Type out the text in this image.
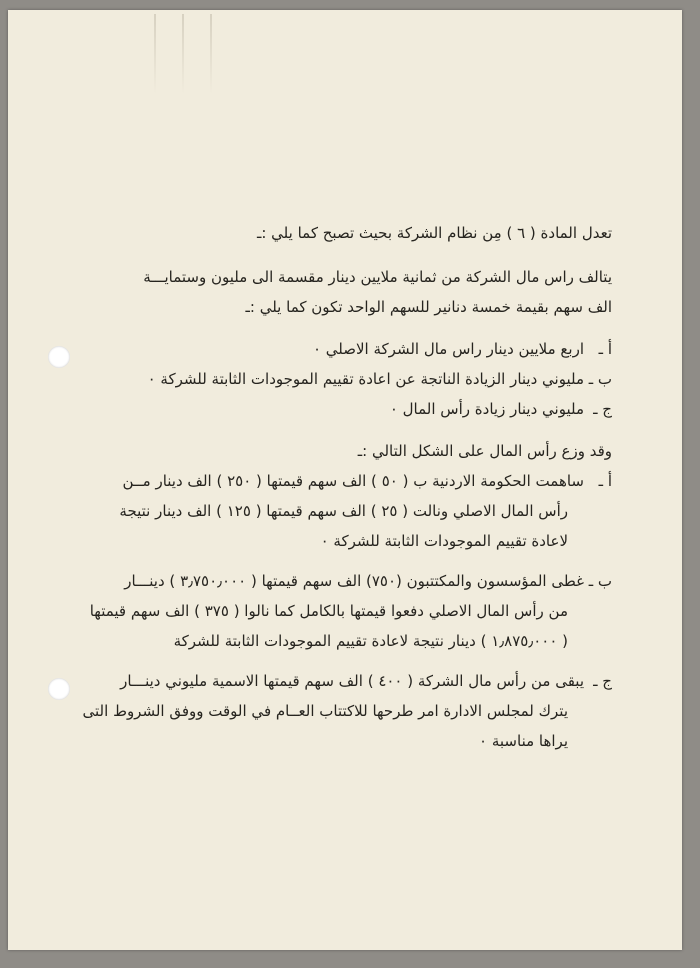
تعدل المادة ( ٦ ) مِن نظام الشركة بحيث تصبح كما يلي :ـ
يتالف راس مال الشركة من ثمانية ملايين دينار مقسمة الى مليون وستمايـــة
الف سهم بقيمة خمسة دنانير للسهم الواحد تكون كما يلي :ـ
أ ـ
اربع ملايين دينار راس مال الشركة الاصلي ٠
ب ـ
مليوني دينار الزيادة الناتجة عن اعادة تقييم الموجودات الثابتة للشركة ٠
ج ـ
مليوني دينار زيادة رأس المال ٠
وقد وزع رأس المال على الشكل التالي :ـ
أ ـ
ساهمت الحكومة الاردنية ب ( ٥٠ ) الف سهم قيمتها ( ٢٥٠ ) الف دينار مــن
رأس المال الاصلي ونالت ( ٢٥ ) الف سهم قيمتها ( ١٢٥ ) الف دينار نتيجة
لاعادة تقييم الموجودات الثابتة للشركة ٠
ب ـ
غطى المؤسسون والمكتتبون (٧٥٠) الف سهم قيمتها ( ٣٫٧٥٠٫٠٠٠ ) دينـــار
من رأس المال الاصلي دفعوا قيمتها بالكامل كما نالوا ( ٣٧٥ ) الف سهم قيمتها
( ١٫٨٧٥٫٠٠٠ ) دينار نتيجة لاعادة تقييم الموجودات الثابتة للشركة
ج ـ
يبقى من رأس مال الشركة ( ٤٠٠ ) الف سهم قيمتها الاسمية مليوني دينـــار
يترك لمجلس الادارة امر طرحها للاكتتاب العــام في الوقت ووفق الشروط التى
يراها مناسبة ٠
